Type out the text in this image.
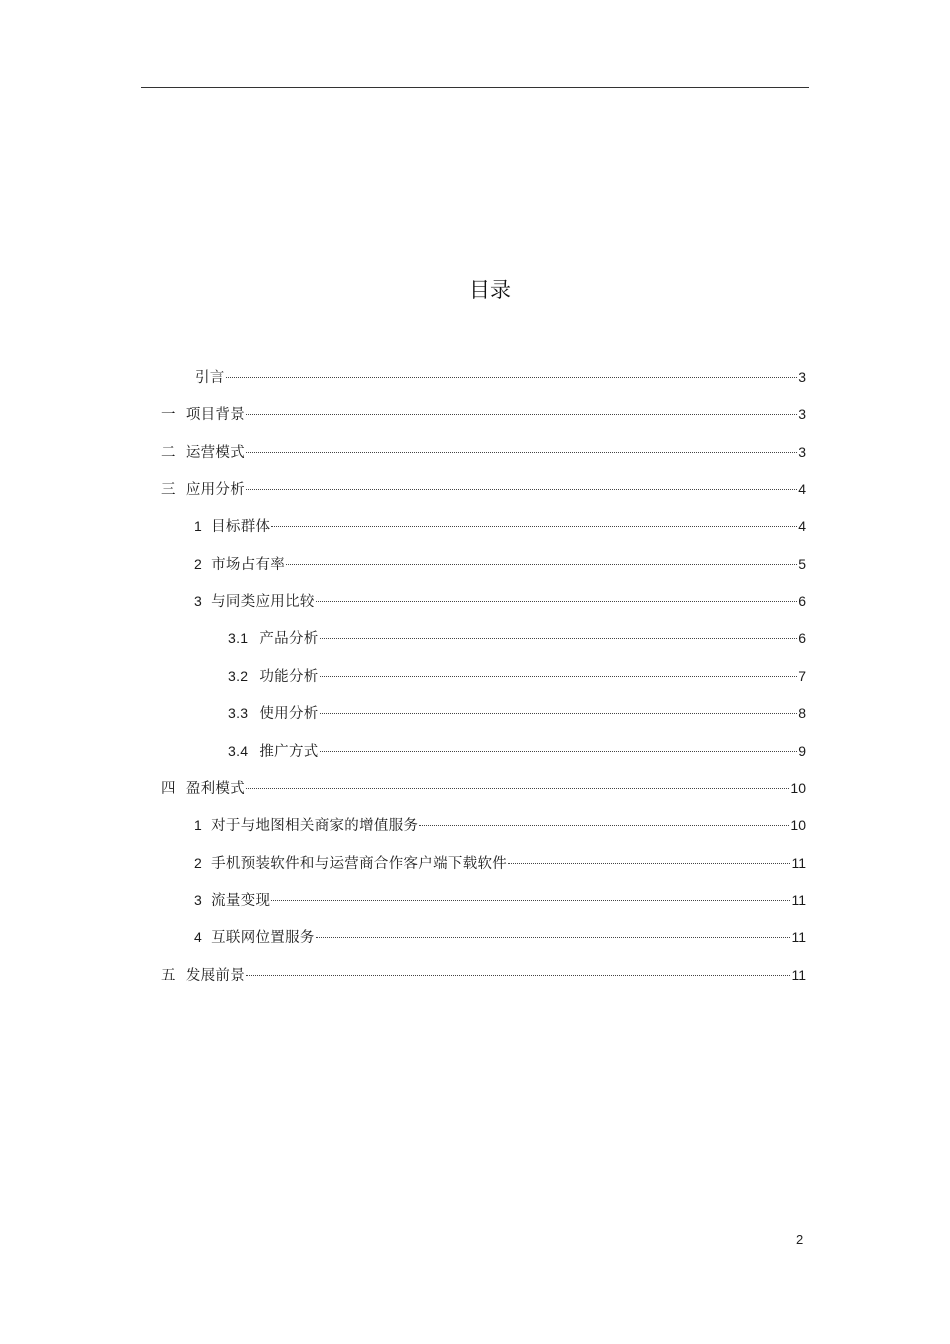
目录
引言	3
一 项目背景	3
二 运营模式	3
三 应用分析	4
1 目标群体	4
2 市场占有率	5
3 与同类应用比较	6
3.1 产品分析	6
3.2 功能分析	7
3.3 使用分析	8
3.4 推广方式	9
四 盈利模式	10
1 对于与地图相关商家的增值服务	10
2 手机预装软件和与运营商合作客户端下载软件	11
3 流量变现	11
4 互联网位置服务	11
五 发展前景	11
2
